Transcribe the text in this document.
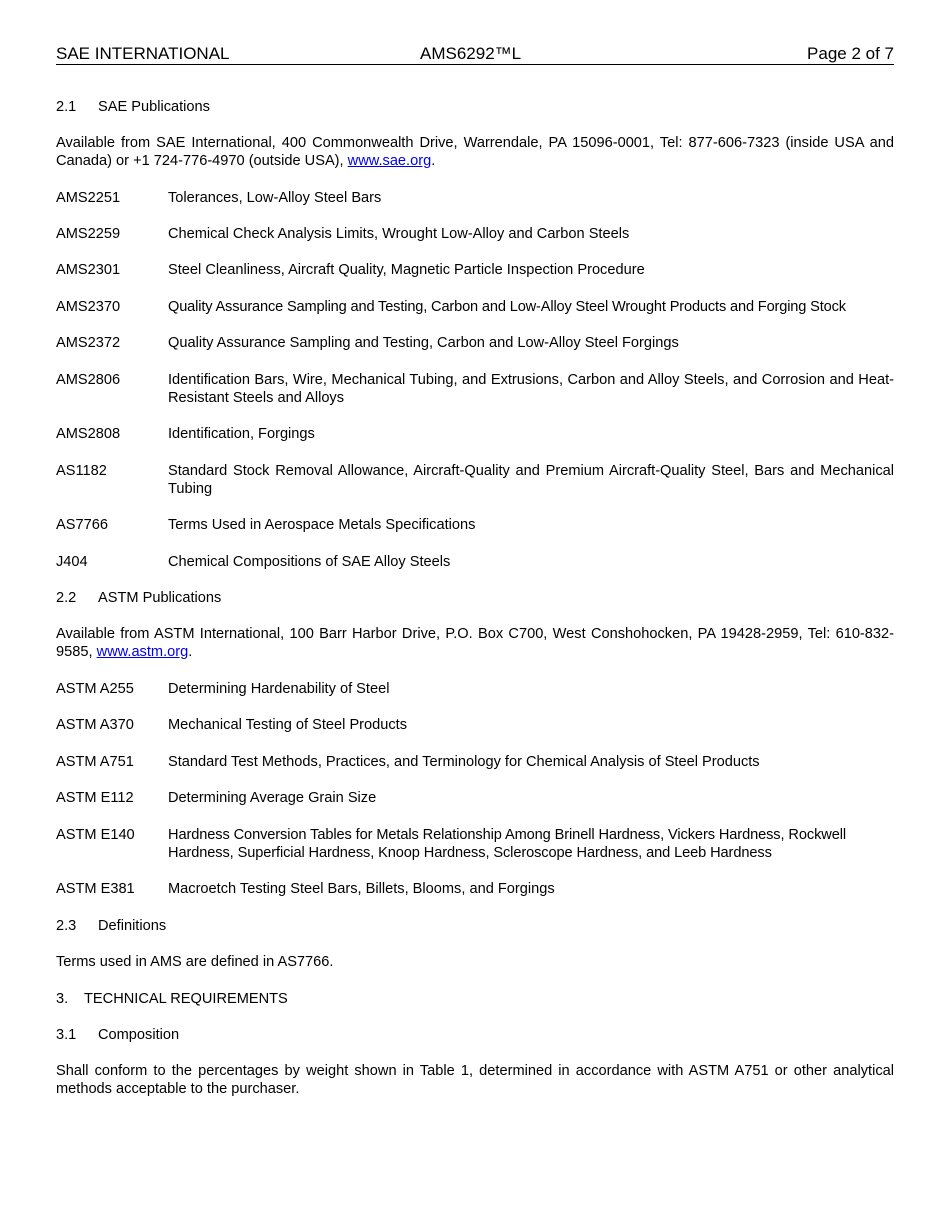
SAE INTERNATIONAL	AMS6292™L	Page 2 of 7
2.1	SAE Publications
Available from SAE International, 400 Commonwealth Drive, Warrendale, PA 15096-0001, Tel: 877-606-7323 (inside USA and Canada) or +1 724-776-4970 (outside USA), www.sae.org.
AMS2251	Tolerances, Low-Alloy Steel Bars
AMS2259	Chemical Check Analysis Limits, Wrought Low-Alloy and Carbon Steels
AMS2301	Steel Cleanliness, Aircraft Quality, Magnetic Particle Inspection Procedure
AMS2370	Quality Assurance Sampling and Testing, Carbon and Low-Alloy Steel Wrought Products and Forging Stock
AMS2372	Quality Assurance Sampling and Testing, Carbon and Low-Alloy Steel Forgings
AMS2806	Identification Bars, Wire, Mechanical Tubing, and Extrusions, Carbon and Alloy Steels, and Corrosion and Heat-Resistant Steels and Alloys
AMS2808	Identification, Forgings
AS1182	Standard Stock Removal Allowance, Aircraft-Quality and Premium Aircraft-Quality Steel, Bars and Mechanical Tubing
AS7766	Terms Used in Aerospace Metals Specifications
J404	Chemical Compositions of SAE Alloy Steels
2.2	ASTM Publications
Available from ASTM International, 100 Barr Harbor Drive, P.O. Box C700, West Conshohocken, PA 19428-2959, Tel: 610-832-9585, www.astm.org.
ASTM A255	Determining Hardenability of Steel
ASTM A370	Mechanical Testing of Steel Products
ASTM A751	Standard Test Methods, Practices, and Terminology for Chemical Analysis of Steel Products
ASTM E112	Determining Average Grain Size
ASTM E140	Hardness Conversion Tables for Metals Relationship Among Brinell Hardness, Vickers Hardness, Rockwell Hardness, Superficial Hardness, Knoop Hardness, Scleroscope Hardness, and Leeb Hardness
ASTM E381	Macroetch Testing Steel Bars, Billets, Blooms, and Forgings
2.3	Definitions
Terms used in AMS are defined in AS7766.
3.	TECHNICAL REQUIREMENTS
3.1	Composition
Shall conform to the percentages by weight shown in Table 1, determined in accordance with ASTM A751 or other analytical methods acceptable to the purchaser.
